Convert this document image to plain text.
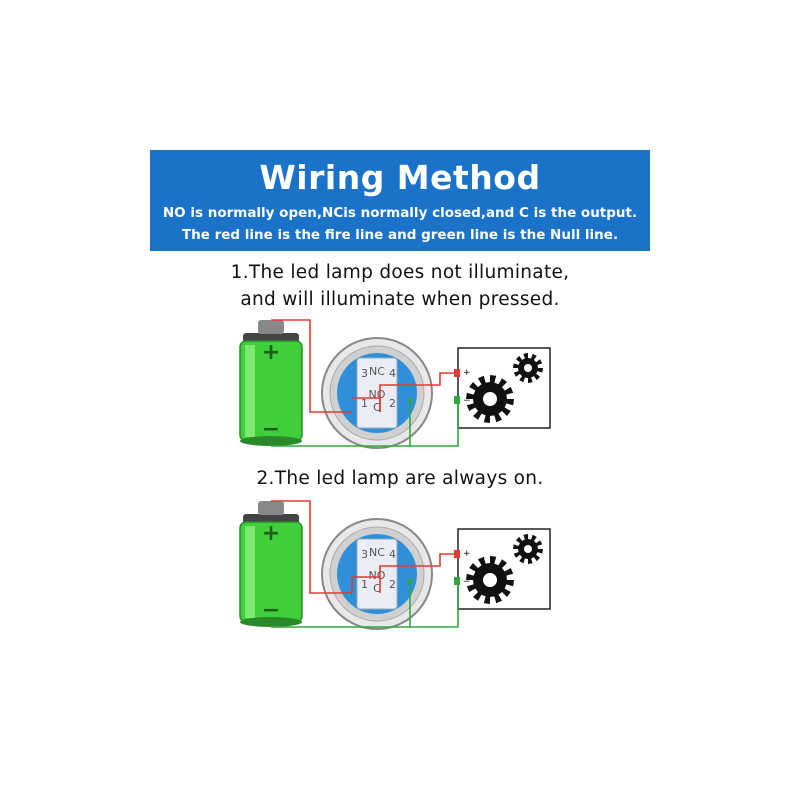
Wiring Method
NO is normally open,NCis normally closed,and C is the output.
The red line is the fire line and green line is the Null line.
1.The led lamp does not illuminate,
and will illuminate when pressed.
2.The led lamp are always on.
+
−
3 NC 4
NO
1 C 2
+
−
+
−
3 NC 4
NO
1 C 2
+
−
